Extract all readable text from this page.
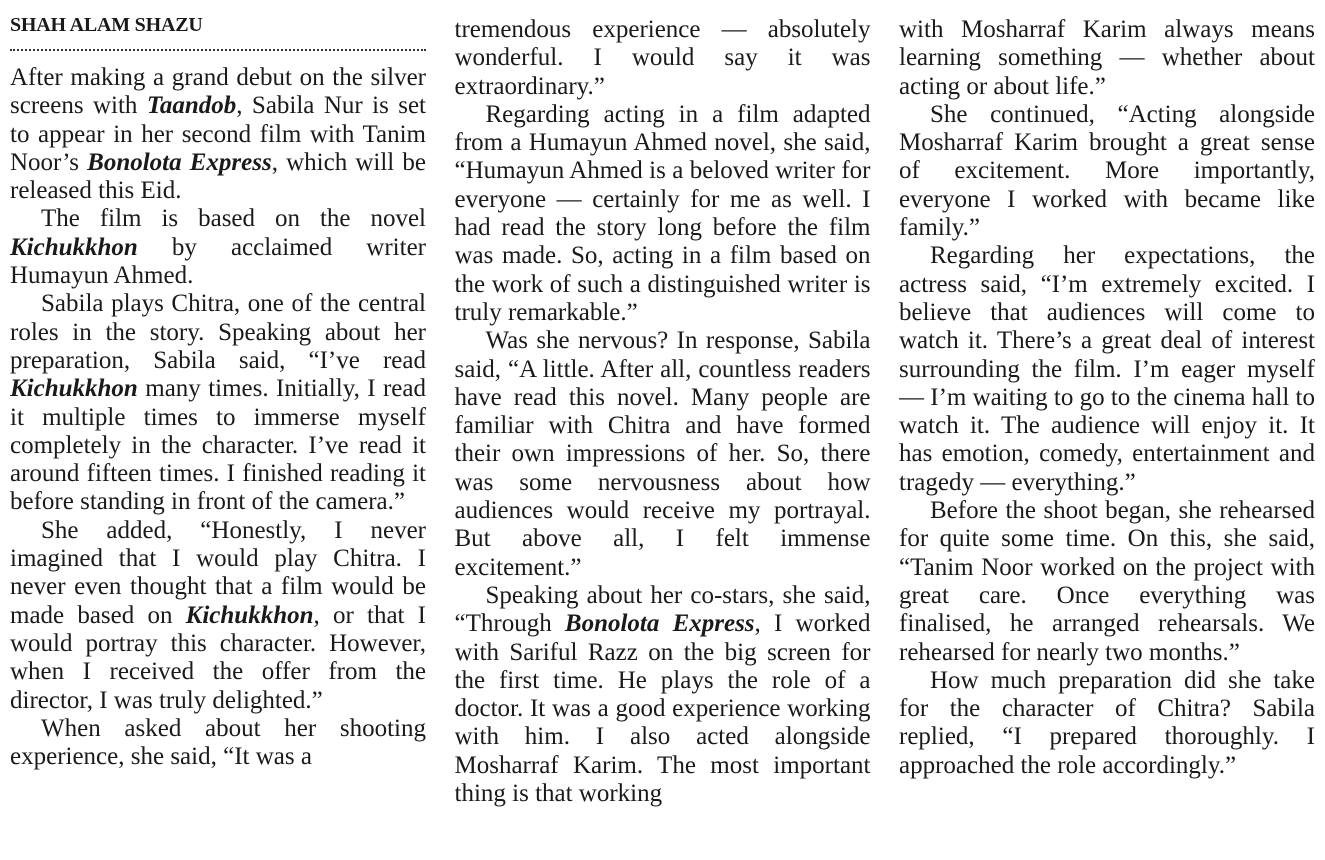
SHAH ALAM SHAZU

After making a grand debut on the silver screens with Taandob, Sabila Nur is set to appear in her second film with Tanim Noor’s Bonolota Express, which will be released this Eid.

The film is based on the novel Kichukkhon by acclaimed writer Humayun Ahmed.

Sabila plays Chitra, one of the central roles in the story. Speaking about her preparation, Sabila said, “I’ve read Kichukkhon many times. Initially, I read it multiple times to immerse myself completely in the character. I’ve read it around fifteen times. I finished reading it before standing in front of the camera.”

She added, “Honestly, I never imagined that I would play Chitra. I never even thought that a film would be made based on Kichukkhon, or that I would portray this character. However, when I received the offer from the director, I was truly delighted.”

When asked about her shooting experience, she said, “It was a

tremendous experience — absolutely wonderful. I would say it was extraordinary.”

Regarding acting in a film adapted from a Humayun Ahmed novel, she said, “Humayun Ahmed is a beloved writer for everyone — certainly for me as well. I had read the story long before the film was made. So, acting in a film based on the work of such a distinguished writer is truly remarkable.”

Was she nervous? In response, Sabila said, “A little. After all, countless readers have read this novel. Many people are familiar with Chitra and have formed their own impressions of her. So, there was some nervousness about how audiences would receive my portrayal. But above all, I felt immense excitement.”

Speaking about her co-stars, she said, “Through Bonolota Express, I worked with Sariful Razz on the big screen for the first time. He plays the role of a doctor. It was a good experience working with him. I also acted alongside Mosharraf Karim. The most important thing is that working

with Mosharraf Karim always means learning something — whether about acting or about life.”

She continued, “Acting alongside Mosharraf Karim brought a great sense of excitement. More importantly, everyone I worked with became like family.”

Regarding her expectations, the actress said, “I’m extremely excited. I believe that audiences will come to watch it. There’s a great deal of interest surrounding the film. I’m eager myself — I’m waiting to go to the cinema hall to watch it. The audience will enjoy it. It has emotion, comedy, entertainment and tragedy — everything.”

Before the shoot began, she rehearsed for quite some time. On this, she said, “Tanim Noor worked on the project with great care. Once everything was finalised, he arranged rehearsals. We rehearsed for nearly two months.”

How much preparation did she take for the character of Chitra? Sabila replied, “I prepared thoroughly. I approached the role accordingly.”
